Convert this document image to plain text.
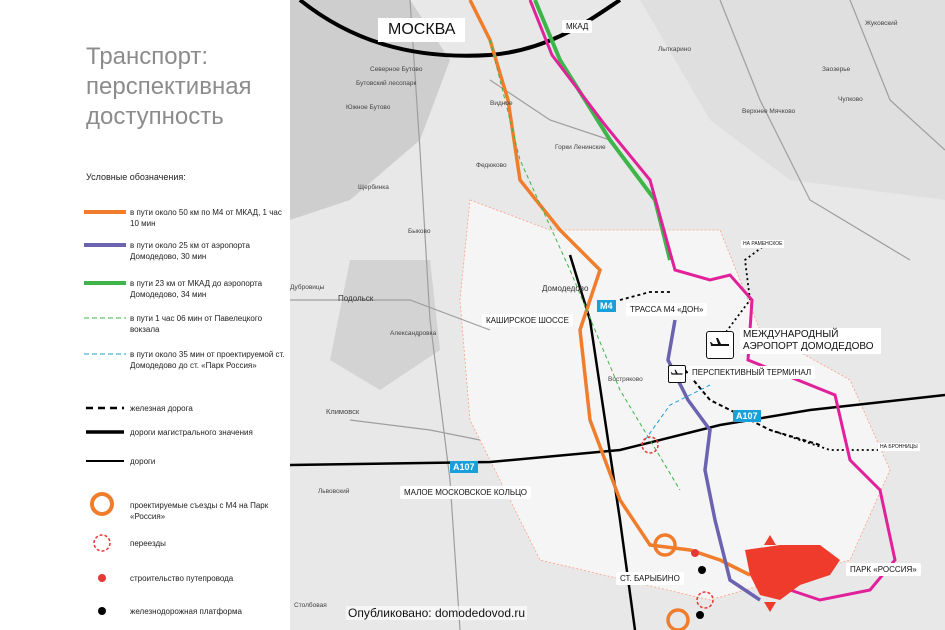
Транспорт:
перспективная
доступность
Условные обозначения:
в пути около 50 км по М4 от МКАД, 1 час 10 мин
в пути около 25 км от аэропорта Домодедово, 30 мин
в пути 23 км от МКАД до аэропорта Домодедово, 34 мин
в пути 1 час 06 мин от Павелецкого вокзала
в пути около 35 мин от проектируемой ст. Домодедово до ст. «Парк Россия»
железная дорога
дороги магистрального значения
дороги
проектируемые съезды с М4 на Парк «Россия»
переезды
строительство путепровода
железнодорожная платформа
МОСКВА	МКАД
М4	ТРАССА М4 «ДОН»
КАШИРСКОЕ ШОССЕ
МЕЖДУНАРОДНЫЙ АЭРОПОРТ ДОМОДЕДОВО
ПЕРСПЕКТИВНЫЙ ТЕРМИНАЛ
А107
А107
МАЛОЕ МОСКОВСКОЕ КОЛЬЦО
СТ. БАРЫБИНО
ПАРК «РОССИЯ»
НА РАМЕНСКОЕ
НА БРОННИЦЫ
Лыткарино
Жуковский
Заозерье
Верхнее Мячково
Чулково
Северное Бутово
Южное Бутово
Видное
Щербинка
Горки Ленинские
Федюково
Быково
Подольск
Домодедово
Александровка
Дубровицы
Климовск
Востряково
Львовский
Столбовая
Бутовский лесопарк
Опубликовано: domodedovod.ru
